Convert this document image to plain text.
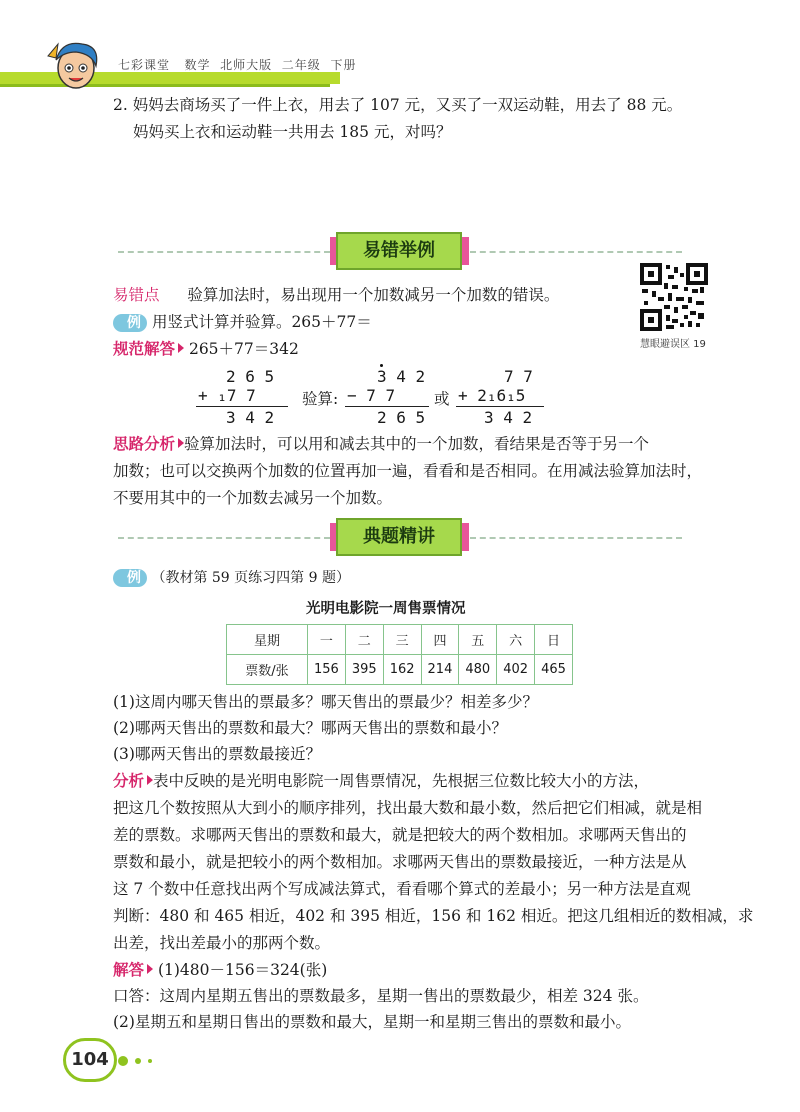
七彩课堂 数学 北师大版 二年级 下册
2. 妈妈去商场买了一件上衣，用去了 107 元，又买了一双运动鞋，用去了 88 元。
妈妈买上衣和运动鞋一共用去 185 元，对吗？
易错举例
慧眼避误区 19
易错点 验算加法时，易出现用一个加数减另一个加数的错误。
例 用竖式计算并验算。265＋77＝
规范解答 265＋77＝342
2 6 5
+ ₁7 7
3 4 2
验算:
3 4 2
− 7 7
2 6 5
或
7 7
+ 2₁6₁5
3 4 2
思路分析 验算加法时，可以用和减去其中的一个加数，看结果是否等于另一个
加数；也可以交换两个加数的位置再加一遍，看看和是否相同。在用减法验算加法时，
不要用其中的一个加数去减另一个加数。
典题精讲
例 （教材第 59 页练习四第 9 题）
光明电影院一周售票情况
星期	一	二	三	四	五	六	日
票数/张	156	395	162	214	480	402	465
(1)这周内哪天售出的票最多？哪天售出的票最少？相差多少？
(2)哪两天售出的票数和最大？哪两天售出的票数和最小？
(3)哪两天售出的票数最接近？
分析 表中反映的是光明电影院一周售票情况，先根据三位数比较大小的方法，
把这几个数按照从大到小的顺序排列，找出最大数和最小数，然后把它们相减，就是相
差的票数。求哪两天售出的票数和最大，就是把较大的两个数相加。求哪两天售出的
票数和最小，就是把较小的两个数相加。求哪两天售出的票数最接近，一种方法是从
这 7 个数中任意找出两个写成减法算式，看看哪个算式的差最小；另一种方法是直观
判断：480 和 465 相近，402 和 395 相近，156 和 162 相近。把这几组相近的数相减，求
出差，找出差最小的那两个数。
解答 (1)480－156＝324(张)
口答：这周内星期五售出的票数最多，星期一售出的票数最少，相差 324 张。
(2)星期五和星期日售出的票数和最大，星期一和星期三售出的票数和最小。
104
